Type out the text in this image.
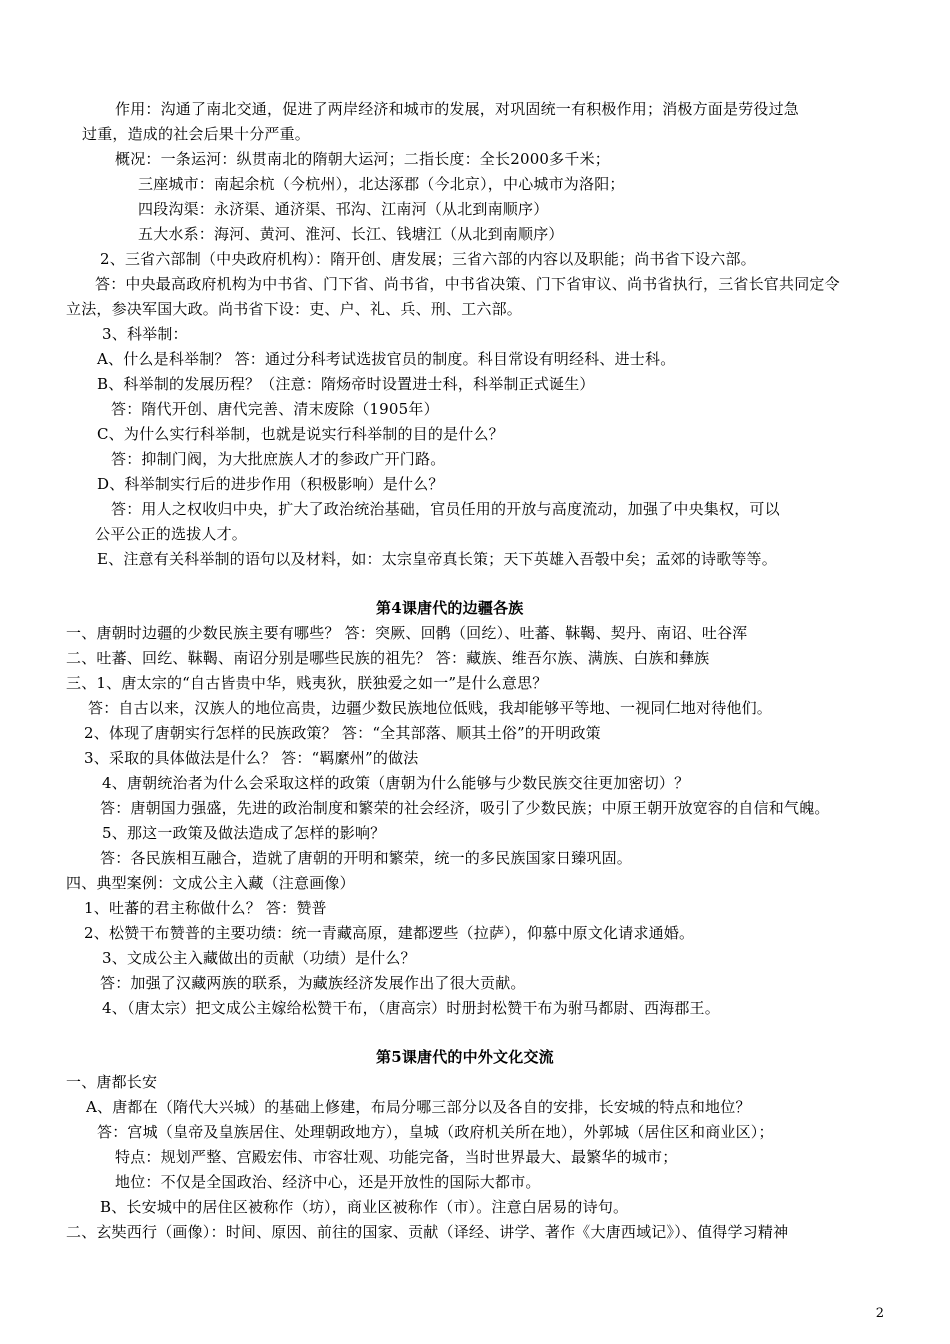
作用：沟通了南北交通，促进了两岸经济和城市的发展，对巩固统一有积极作用；消极方面是劳役过急
过重，造成的社会后果十分严重。
概况：一条运河：纵贯南北的隋朝大运河；二指长度：全长2000多千米；
三座城市：南起余杭（今杭州），北达涿郡（今北京），中心城市为洛阳；
四段沟渠：永济渠、通济渠、邗沟、江南河（从北到南顺序）
五大水系：海河、黄河、淮河、长江、钱塘江（从北到南顺序）
2、三省六部制（中央政府机构）：隋开创、唐发展；三省六部的内容以及职能；尚书省下设六部。
答：中央最高政府机构为中书省、门下省、尚书省，中书省决策、门下省审议、尚书省执行，三省长官共同定令
立法，参决军国大政。尚书省下设：吏、户、礼、兵、刑、工六部。
3、科举制：
A、什么是科举制？ 答：通过分科考试选拔官员的制度。科目常设有明经科、进士科。
B、科举制的发展历程？（注意：隋炀帝时设置进士科，科举制正式诞生）
答：隋代开创、唐代完善、清末废除（1905年）
C、为什么实行科举制，也就是说实行科举制的目的是什么？
答：抑制门阀，为大批庶族人才的参政广开门路。
D、科举制实行后的进步作用（积极影响）是什么？
答：用人之权收归中央，扩大了政治统治基础，官员任用的开放与高度流动，加强了中央集权，可以
公平公正的选拔人才。
E、注意有关科举制的语句以及材料，如：太宗皇帝真长策；天下英雄入吾彀中矣；孟郊的诗歌等等。
第4课唐代的边疆各族
一、唐朝时边疆的少数民族主要有哪些？ 答：突厥、回鹘（回纥）、吐蕃、靺鞨、契丹、南诏、吐谷浑
二、吐蕃、回纥、靺鞨、南诏分别是哪些民族的祖先？ 答：藏族、维吾尔族、满族、白族和彝族
三、1、唐太宗的“自古皆贵中华，贱夷狄，朕独爱之如一”是什么意思？
答：自古以来，汉族人的地位高贵，边疆少数民族地位低贱，我却能够平等地、一视同仁地对待他们。
2、体现了唐朝实行怎样的民族政策？ 答：“全其部落、顺其土俗”的开明政策
3、采取的具体做法是什么？ 答：“羁縻州”的做法
4、唐朝统治者为什么会采取这样的政策（唐朝为什么能够与少数民族交往更加密切）？
答：唐朝国力强盛，先进的政治制度和繁荣的社会经济，吸引了少数民族；中原王朝开放宽容的自信和气魄。
5、那这一政策及做法造成了怎样的影响？
答：各民族相互融合，造就了唐朝的开明和繁荣，统一的多民族国家日臻巩固。
四、典型案例：文成公主入藏（注意画像）
1、吐蕃的君主称做什么？ 答：赞普
2、松赞干布赞普的主要功绩：统一青藏高原，建都逻些（拉萨），仰慕中原文化请求通婚。
3、文成公主入藏做出的贡献（功绩）是什么？
答：加强了汉藏两族的联系，为藏族经济发展作出了很大贡献。
4、（唐太宗）把文成公主嫁给松赞干布，（唐高宗）时册封松赞干布为驸马都尉、西海郡王。
第5课唐代的中外文化交流
一、唐都长安
A、唐都在（隋代大兴城）的基础上修建，布局分哪三部分以及各自的安排，长安城的特点和地位？
答：宫城（皇帝及皇族居住、处理朝政地方），皇城（政府机关所在地），外郭城（居住区和商业区）；
特点：规划严整、宫殿宏伟、市容壮观、功能完备，当时世界最大、最繁华的城市；
地位：不仅是全国政治、经济中心，还是开放性的国际大都市。
B、长安城中的居住区被称作（坊），商业区被称作（市）。注意白居易的诗句。
二、玄奘西行（画像）：时间、原因、前往的国家、贡献（译经、讲学、著作《大唐西域记》）、值得学习精神
2
